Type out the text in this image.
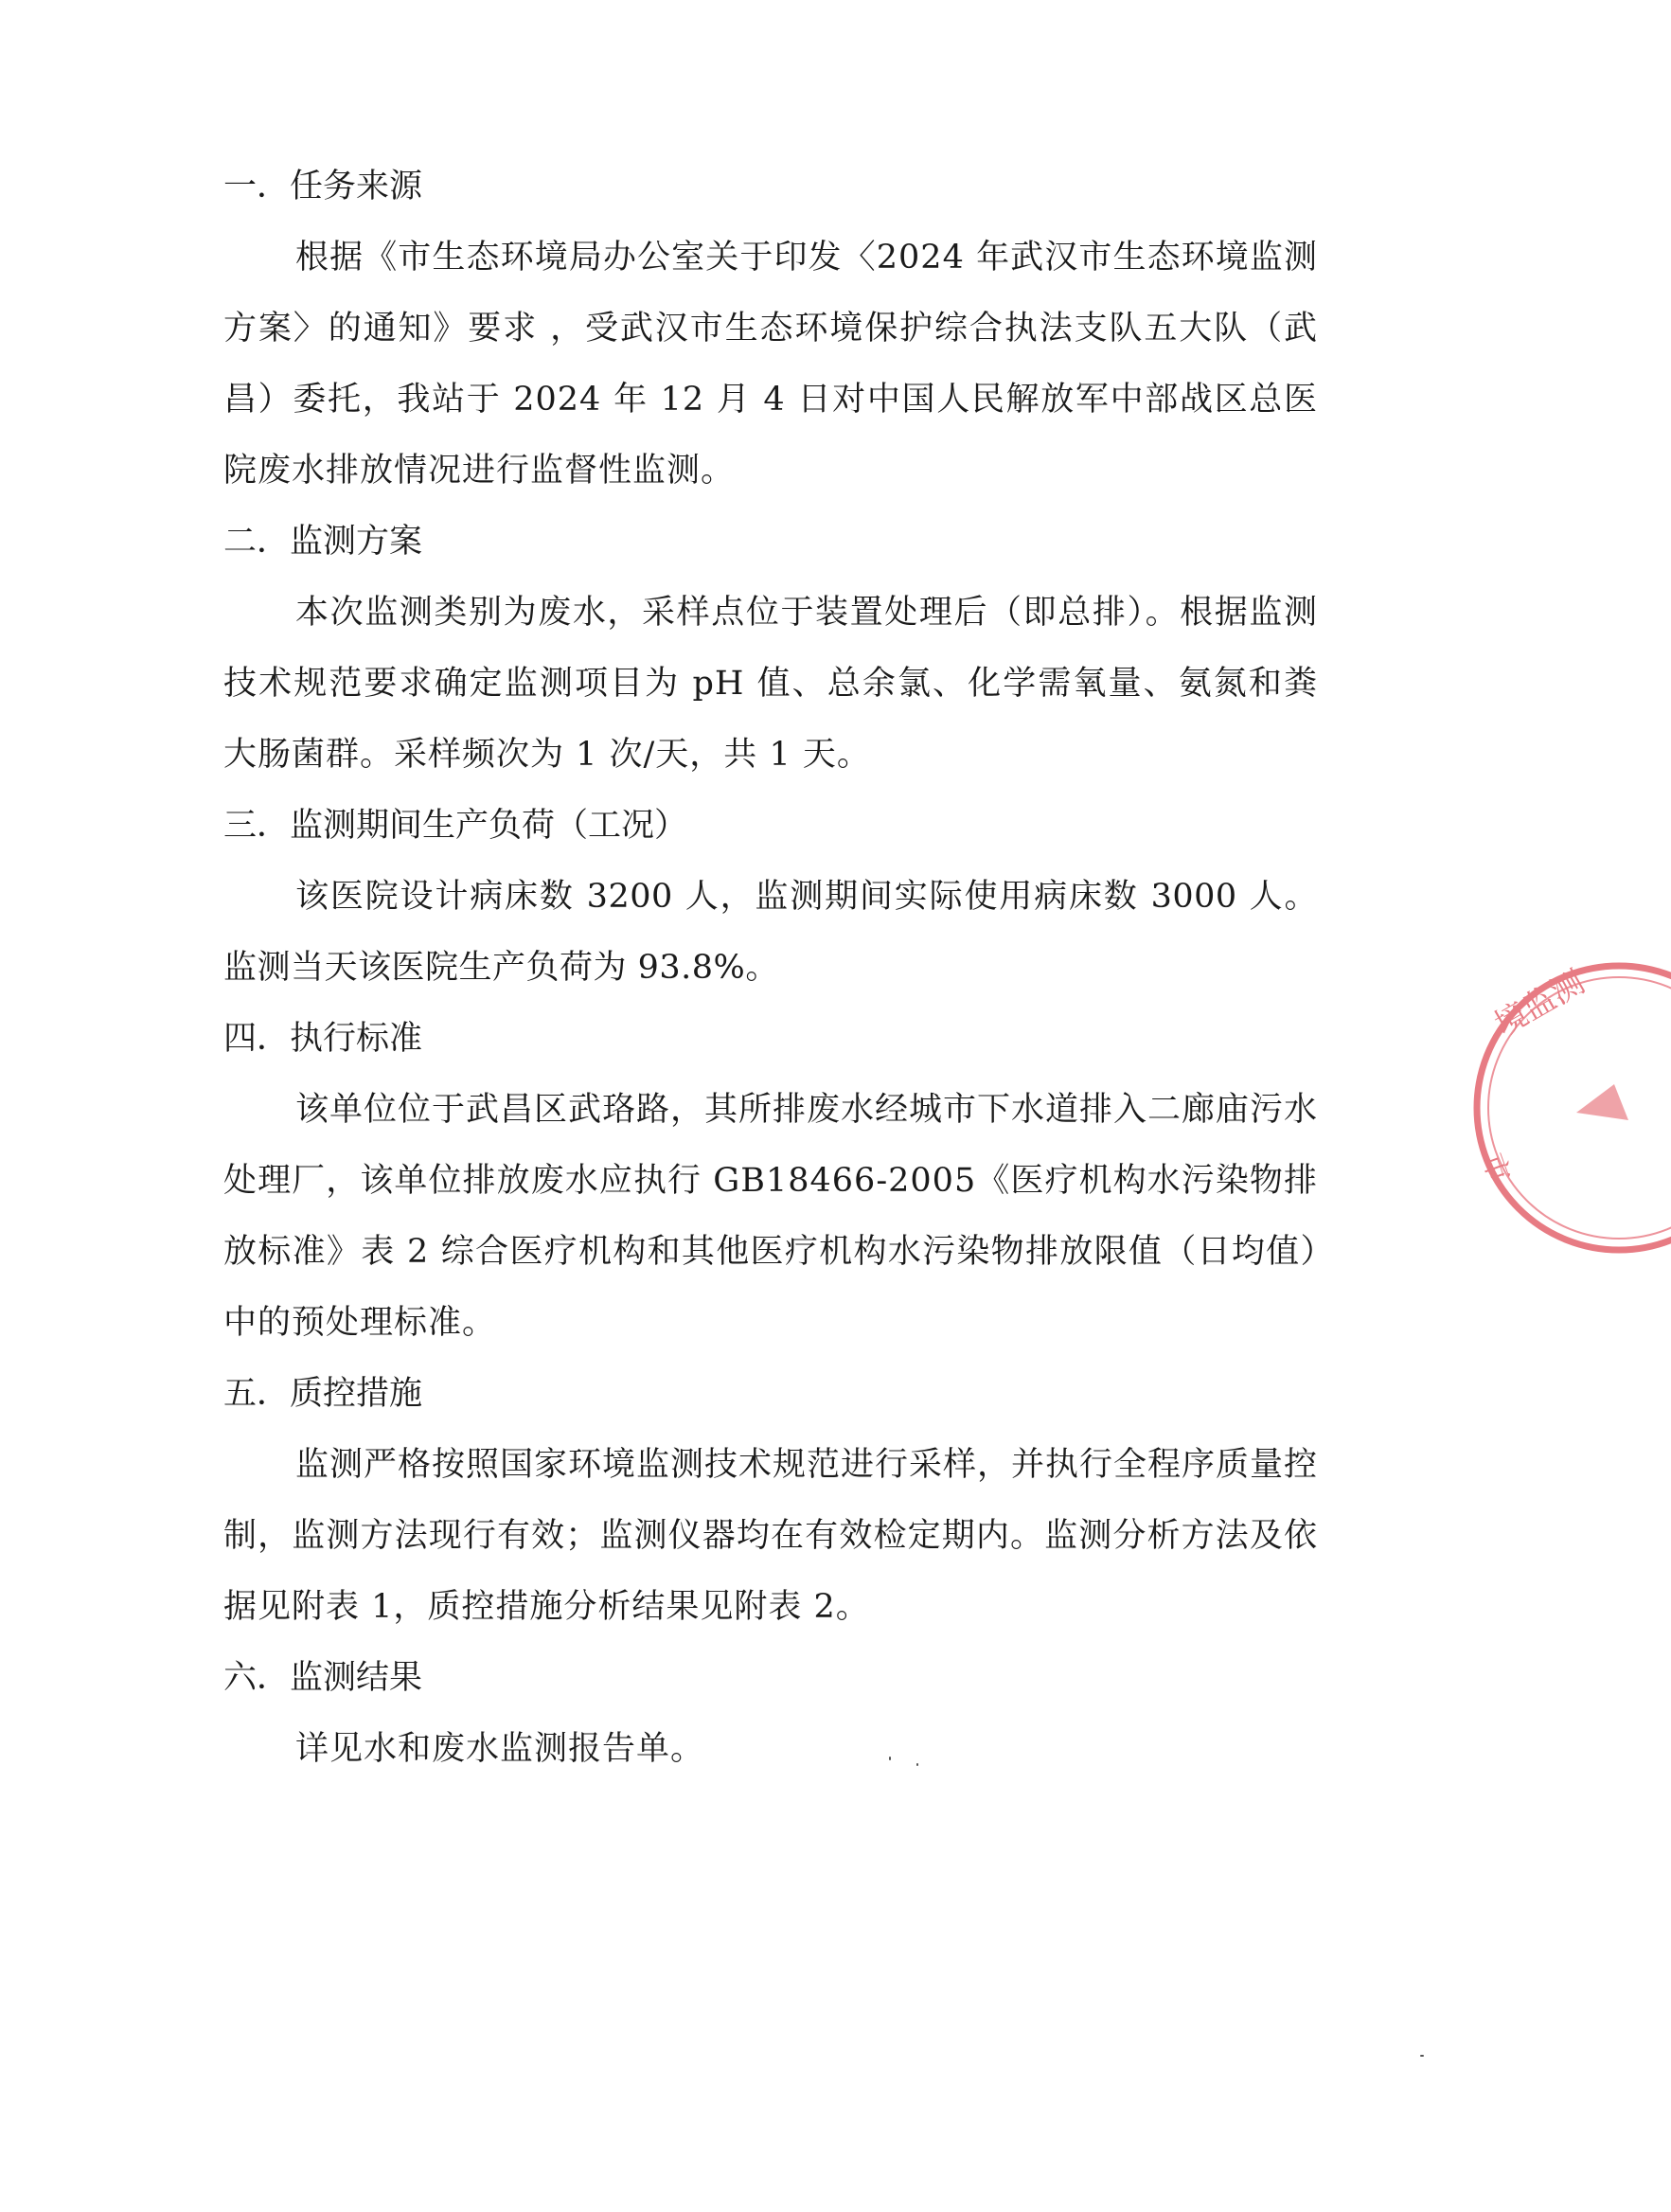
一．任务来源
根据《市生态环境局办公室关于印发〈2024 年武汉市生态环境监测方案〉的通知》要求 ，受武汉市生态环境保护综合执法支队五大队（武昌）委托，我站于 2024 年 12 月 4 日对中国人民解放军中部战区总医院废水排放情况进行监督性监测。
二．监测方案
本次监测类别为废水，采样点位于装置处理后（即总排）。根据监测技术规范要求确定监测项目为 pH 值、总余氯、化学需氧量、氨氮和粪大肠菌群。采样频次为 1 次/天，共 1 天。
三．监测期间生产负荷（工况）
该医院设计病床数 3200 人，监测期间实际使用病床数 3000 人。监测当天该医院生产负荷为 93.8%。
四．执行标准
该单位位于武昌区武珞路，其所排废水经城市下水道排入二廊庙污水处理厂，该单位排放废水应执行 GB18466-2005《医疗机构水污染物排放标准》表 2 综合医疗机构和其他医疗机构水污染物排放限值（日均值）中的预处理标准。
五．质控措施
监测严格按照国家环境监测技术规范进行采样，并执行全程序质量控制，监测方法现行有效；监测仪器均在有效检定期内。监测分析方法及依据见附表 1，质控措施分析结果见附表 2。
六．监测结果
详见水和废水监测报告单。
境监测
市
